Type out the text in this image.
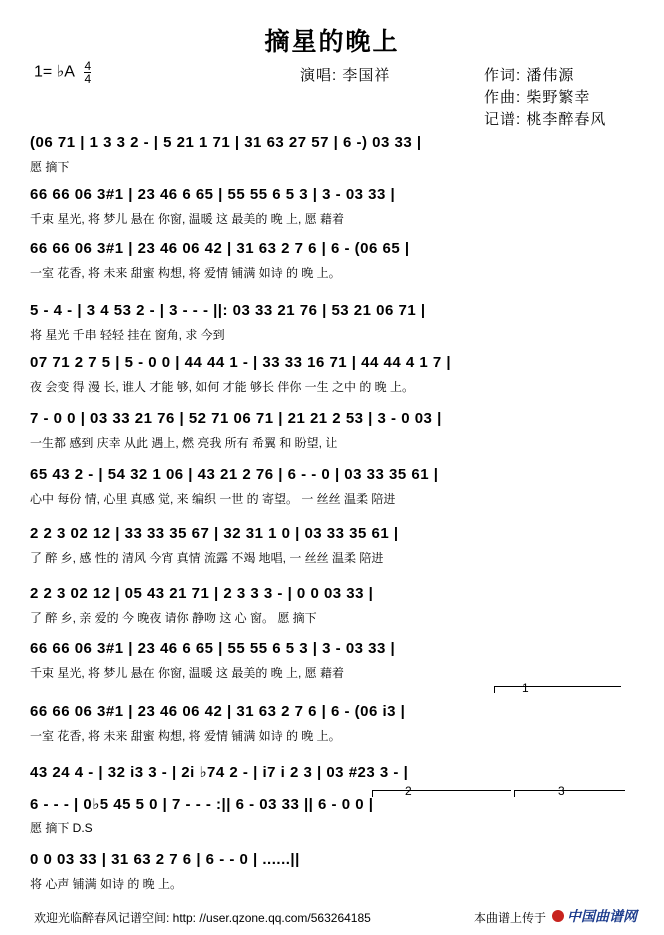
摘星的晚上
1= ♭A $\frac{4}{4}$	演唱: 李国祥	作词: 潘伟源
作曲: 柴野繁幸
记谱: 桃李醉春风
(06 71 | 1 3 3 2 - | 5 21 1 71 | 31 63 27 57 | 6 -) 03 33 |
愿 摘下
66 66 06 3#1 | 23 46 6 65 | 55 55 6 5 3 | 3 - 03 33 |
千束 星光, 将 梦儿 悬在 你窗, 温暖 这 最美的 晚 上, 愿 藉着
66 66 06 3#1 | 23 46 06 42 | 31 63 2 7 6 | 6 - (06 65 |
一室 花香, 将 未来 甜蜜 构想, 将 爱情 铺满 如诗 的 晚 上。
5 - 4 - | 3 4 53 2 - | 3 - - - ||: 03 33 21 76 | 53 21 06 71 |
将 星光 千串 轻轻 挂在 窗角, 求 今到
07 71 2 7 5 | 5 - 0 0 | 44 44 1 - | 33 33 16 71 | 44 44 4 1 7 |
夜 会变 得 漫 长, 谁人 才能 够, 如何 才能 够长 伴你 一生 之中 的 晚 上。
7 - 0 0 | 03 33 21 76 | 52 71 06 71 | 21 21 2 53 | 3 - 0 03 |
一生都 感到 庆幸 从此 遇上, 燃 亮我 所有 希翼 和 盼望, 让
65 43 2 - | 54 32 1 06 | 43 21 2 76 | 6 - - 0 | 03 33 35 61 |
心中 每份 情, 心里 真感 觉, 来 编织 一世 的 寄望。 一 丝丝 温柔 陪进
2 2 3 02 12 | 33 33 35 67 | 32 31 1 0 | 03 33 35 61 |
了 醉 乡, 感 性的 清风 今宵 真情 流露 不竭 地唱, 一 丝丝 温柔 陪进
2 2 3 02 12 | 05 43 21 71 | 2 3 3 3 - | 0 0 03 33 |
了 醉 乡, 亲 爱的 今 晚夜 请你 静吻 这 心 窗。 愿 摘下
66 66 06 3#1 | 23 46 6 65 | 55 55 6 5 3 | 3 - 03 33 |
千束 星光, 将 梦儿 悬在 你窗, 温暖 这 最美的 晚 上, 愿 藉着
66 66 06 3#1 | 23 46 06 42 | 31 63 2 7 6 | 6 - (06 i3 |
一室 花香, 将 未来 甜蜜 构想, 将 爱情 铺满 如诗 的 晚 上。
43 24 4 - | 32 i3 3 - | 2i ♭74 2 - | i7 i 2 3 | 03 #23 3 - |
6 - - - | 0♭5 45 5 0 | 7 - - - :|| 6 - 03 33 || 6 - 0 0 |
愿 摘下 D.S
0 0 03 33 | 31 63 2 7 6 | 6 - - 0 | ......||
将 心声 铺满 如诗 的 晚 上。
1
2	3
欢迎光临醉春风记谱空间: http: //user.qzone.qq.com/563264185	本曲谱上传于	中国曲谱网
